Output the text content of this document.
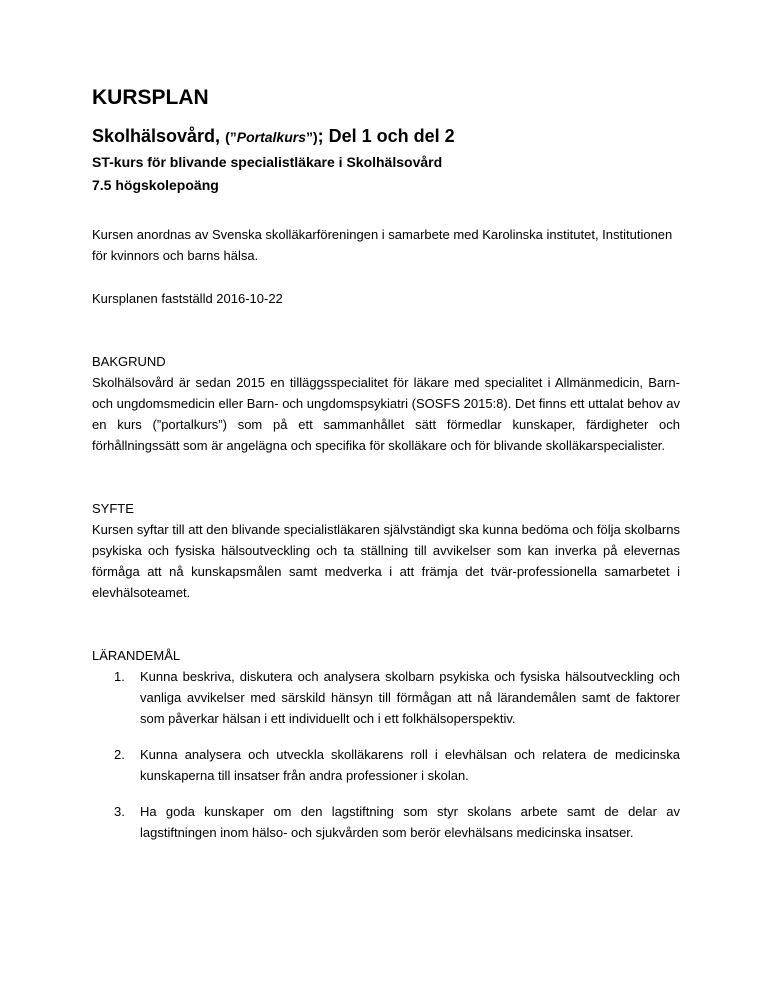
KURSPLAN
Skolhälsovård, (”Portalkurs”); Del 1 och del 2
ST-kurs för blivande specialistläkare i Skolhälsovård
7.5 högskolepoäng

Kursen anordnas av Svenska skolläkarföreningen i samarbete med Karolinska institutet, Institutionen för kvinnors och barns hälsa.

Kursplanen fastställd 2016-10-22

BAKGRUND

Skolhälsovård är sedan 2015 en tilläggsspecialitet för läkare med specialitet i Allmänmedicin, Barn- och ungdomsmedicin eller Barn- och ungdomspsykiatri (SOSFS 2015:8). Det finns ett uttalat behov av en kurs (”portalkurs”) som på ett sammanhållet sätt förmedlar kunskaper, färdigheter och förhållningssätt som är angelägna och specifika för skolläkare och för blivande skolläkarspecialister.

SYFTE

Kursen syftar till att den blivande specialistläkaren självständigt ska kunna bedöma och följa skolbarns psykiska och fysiska hälsoutveckling och ta ställning till avvikelser som kan inverka på elevernas förmåga att nå kunskapsmålen samt medverka i att främja det tvär-professionella samarbetet i elevhälsoteamet.

LÄRANDEMÅL
1. Kunna beskriva, diskutera och analysera skolbarn psykiska och fysiska hälsoutveckling och vanliga avvikelser med särskild hänsyn till förmågan att nå lärandemålen samt de faktorer som påverkar hälsan i ett individuellt och i ett folkhälsoperspektiv.
2. Kunna analysera och utveckla skolläkarens roll i elevhälsan och relatera de medicinska kunskaperna till insatser från andra professioner i skolan.
3. Ha goda kunskaper om den lagstiftning som styr skolans arbete samt de delar av lagstiftningen inom hälso- och sjukvården som berör elevhälsans medicinska insatser.
